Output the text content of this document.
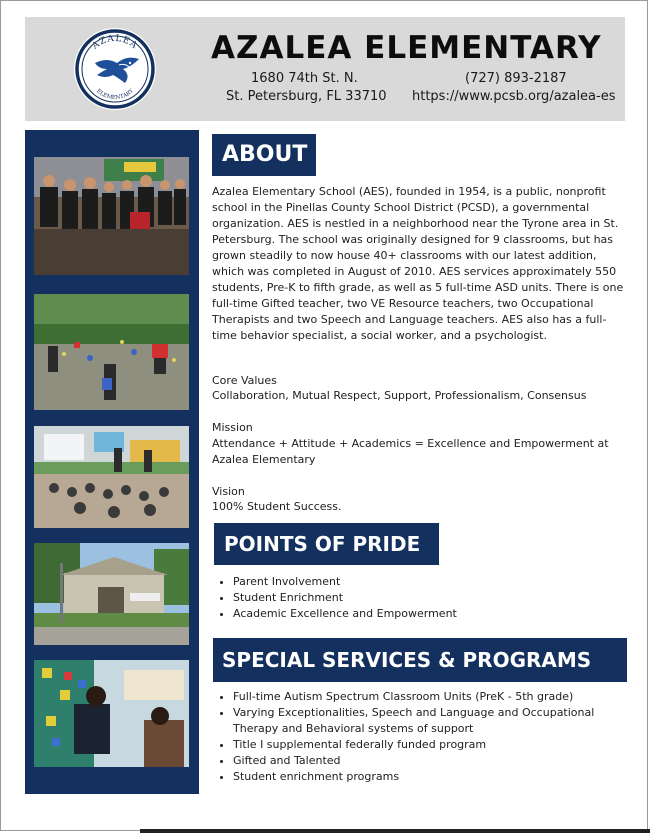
AZALEA
ELEMENTARY
AZALEA ELEMENTARY
1680 74th St. N.
St. Petersburg, FL 33710
(727) 893-2187
https://www.pcsb.org/azalea-es
ABOUT
Azalea Elementary School (AES), founded in 1954, is a public, nonprofit school in the Pinellas County School District (PCSD), a governmental organization. AES is nestled in a neighborhood near the Tyrone area in St. Petersburg. The school was originally designed for 9 classrooms, but has grown steadily to now house 40+ classrooms with our latest addition, which was completed in August of 2010. AES services approximately 550 students, Pre-K to fifth grade, as well as 5 full-time ASD units. There is one full-time Gifted teacher, two VE Resource teachers, two Occupational Therapists and two Speech and Language teachers. AES also has a full-time behavior specialist, a social worker, and a psychologist.
Core Values
Collaboration, Mutual Respect, Support, Professionalism, Consensus
Mission
Attendance + Attitude + Academics = Excellence and Empowerment at Azalea Elementary
Vision
100% Student Success.
POINTS OF PRIDE
• Parent Involvement
• Student Enrichment
• Academic Excellence and Empowerment
SPECIAL SERVICES & PROGRAMS
• Full-time Autism Spectrum Classroom Units (PreK - 5th grade)
• Varying Exceptionalities, Speech and Language and Occupational Therapy and Behavioral systems of support
• Title I supplemental federally funded program
• Gifted and Talented
• Student enrichment programs
